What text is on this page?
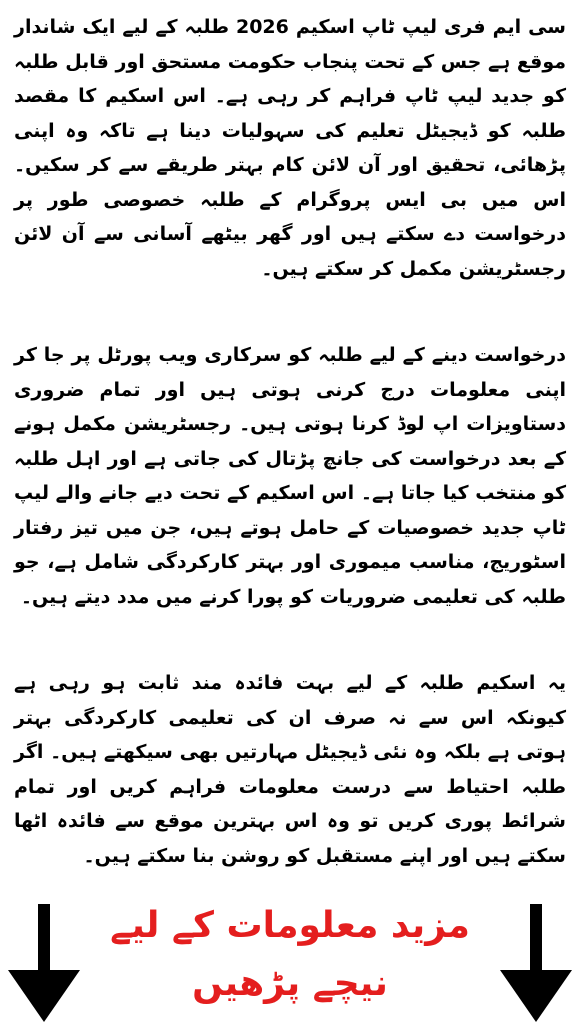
سی ایم فری لیپ ٹاپ اسکیم 2026 طلبہ کے لیے ایک شاندار موقع ہے جس کے تحت پنجاب حکومت مستحق اور قابل طلبہ کو جدید لیپ ٹاپ فراہم کر رہی ہے۔ اس اسکیم کا مقصد طلبہ کو ڈیجیٹل تعلیم کی سہولیات دینا ہے تاکہ وہ اپنی پڑھائی، تحقیق اور آن لائن کام بہتر طریقے سے کر سکیں۔ اس میں بی ایس پروگرام کے طلبہ خصوصی طور پر درخواست دے سکتے ہیں اور گھر بیٹھے آسانی سے آن لائن رجسٹریشن مکمل کر سکتے ہیں۔

درخواست دینے کے لیے طلبہ کو سرکاری ویب پورٹل پر جا کر اپنی معلومات درج کرنی ہوتی ہیں اور تمام ضروری دستاویزات اپ لوڈ کرنا ہوتی ہیں۔ رجسٹریشن مکمل ہونے کے بعد درخواست کی جانچ پڑتال کی جاتی ہے اور اہل طلبہ کو منتخب کیا جاتا ہے۔ اس اسکیم کے تحت دیے جانے والے لیپ ٹاپ جدید خصوصیات کے حامل ہوتے ہیں، جن میں تیز رفتار اسٹوریج، مناسب میموری اور بہتر کارکردگی شامل ہے، جو طلبہ کی تعلیمی ضروریات کو پورا کرنے میں مدد دیتے ہیں۔

یہ اسکیم طلبہ کے لیے بہت فائدہ مند ثابت ہو رہی ہے کیونکہ اس سے نہ صرف ان کی تعلیمی کارکردگی بہتر ہوتی ہے بلکہ وہ نئی ڈیجیٹل مہارتیں بھی سیکھتے ہیں۔ اگر طلبہ احتیاط سے درست معلومات فراہم کریں اور تمام شرائط پوری کریں تو وہ اس بہترین موقع سے فائدہ اٹھا سکتے ہیں اور اپنے مستقبل کو روشن بنا سکتے ہیں۔

مزید معلومات کے لیے
نیچے پڑھیں
